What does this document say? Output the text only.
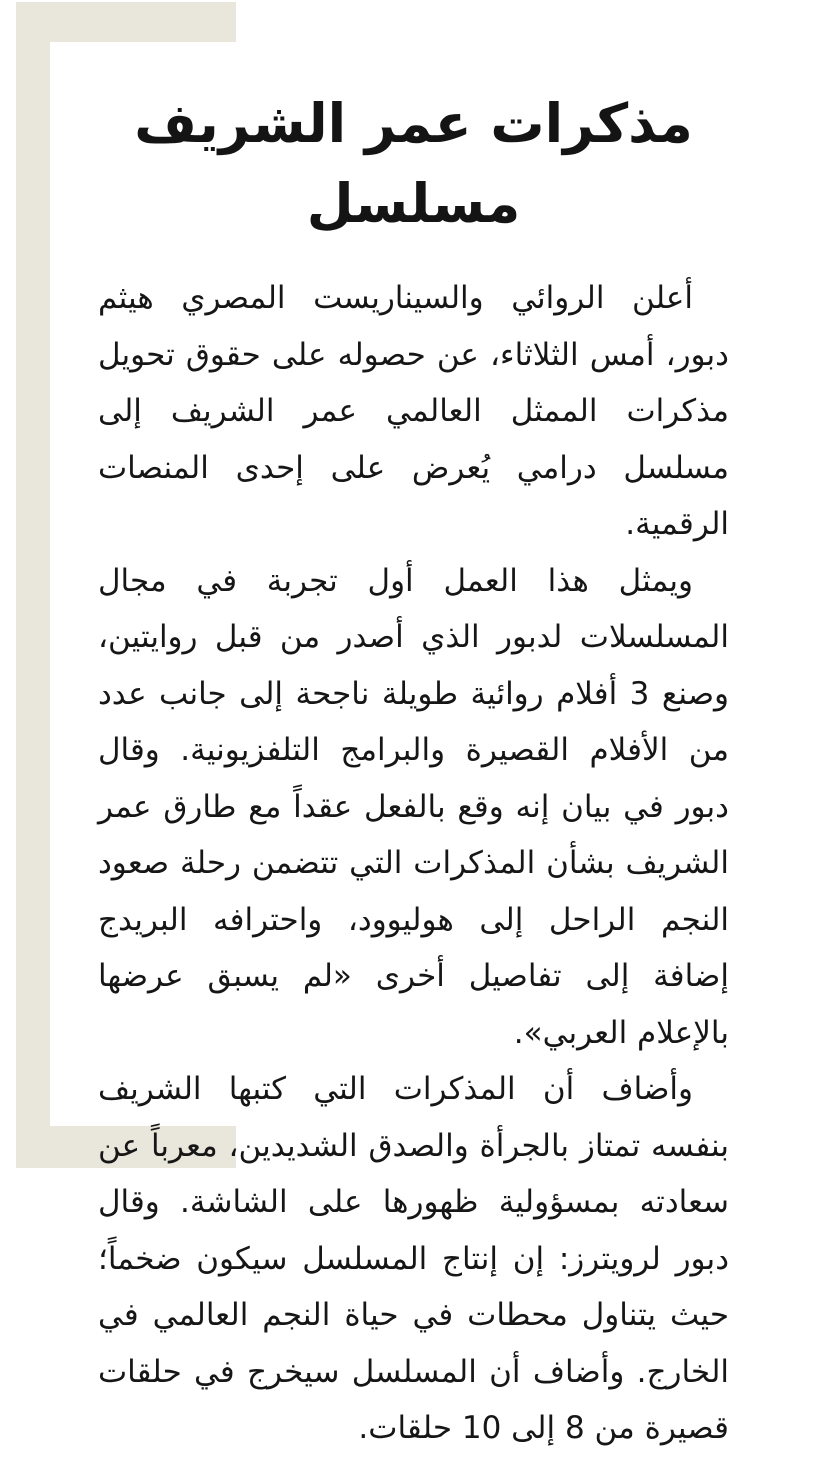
مذكرات عمر الشريف مسلسل

أعلن الروائي والسيناريست المصري هيثم دبور، أمس الثلاثاء، عن حصوله على حقوق تحويل مذكرات الممثل العالمي عمر الشريف إلى مسلسل درامي يُعرض على إحدى المنصات الرقمية.

ويمثل هذا العمل أول تجربة في مجال المسلسلات لدبور الذي أصدر من قبل روايتين، وصنع 3 أفلام روائية طويلة ناجحة إلى جانب عدد من الأفلام القصيرة والبرامج التلفزيونية. وقال دبور في بيان إنه وقع بالفعل عقداً مع طارق عمر الشريف بشأن المذكرات التي تتضمن رحلة صعود النجم الراحل إلى هوليوود، واحترافه البريدج إضافة إلى تفاصيل أخرى «لم يسبق عرضها بالإعلام العربي».

وأضاف أن المذكرات التي كتبها الشريف بنفسه تمتاز بالجرأة والصدق الشديدين، معرباً عن سعادته بمسؤولية ظهورها على الشاشة. وقال دبور لرويترز: إن إنتاج المسلسل سيكون ضخماً؛ حيث يتناول محطات في حياة النجم العالمي في الخارج. وأضاف أن المسلسل سيخرج في حلقات قصيرة من 8 إلى 10 حلقات.
